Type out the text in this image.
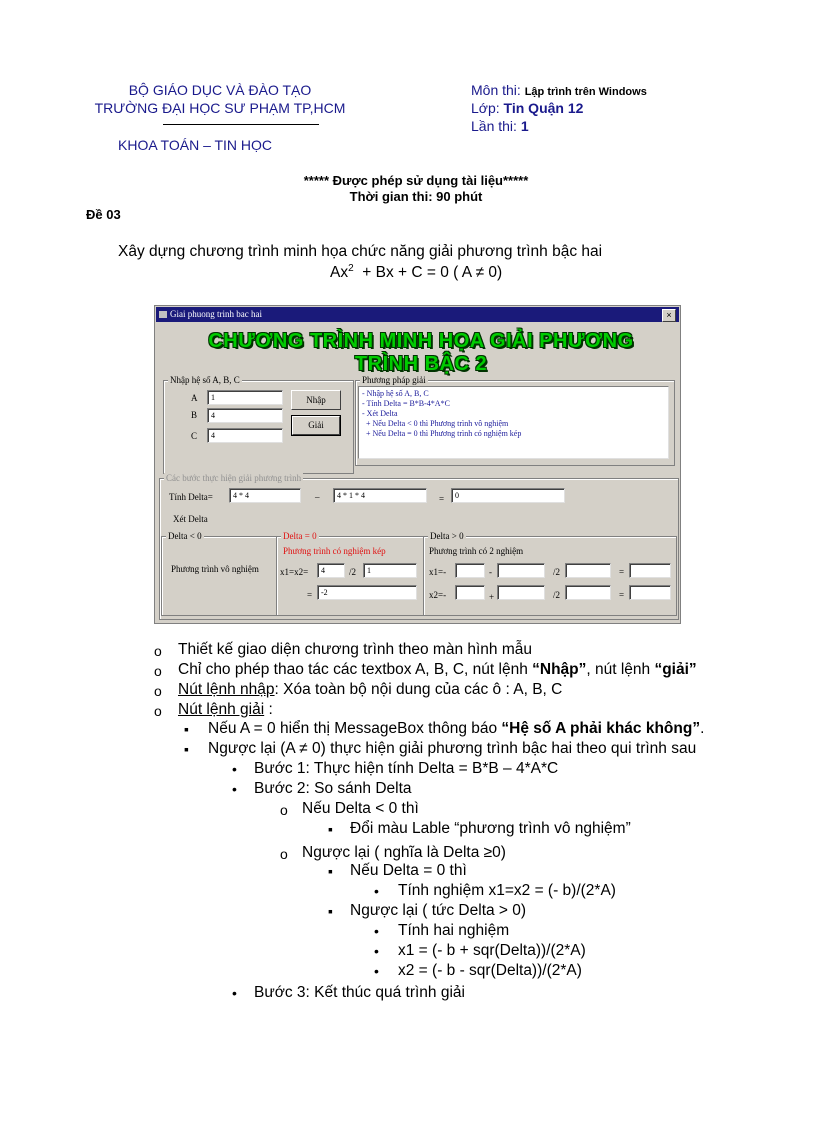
BỘ GIÁO DỤC VÀ ĐÀO TẠO
TRƯỜNG ĐẠI HỌC SƯ PHẠM TP,HCM
KHOA TOÁN – TIN HỌC
Môn thi: Lập trình trên Windows
Lớp: Tin Quận 12
Lần thi: 1
***** Được phép sử dụng tài liệu*****
Thời gian thi: 90 phút
Đề 03
Xây dựng chương trình minh họa chức năng giải phương trình bậc hai
Ax$^2$  + Bx + C = 0 ( A ≠ 0)
Giai phuong trinh bac hai	×
CHƯƠNG TRÌNH MINH HỌA GIẢI PHƯƠNG TRÌNH BẬC 2
Nhập hệ số A, B, C
A	1
B	4
C	4
Nhập
Giải
Phương pháp giải
- Nhập hệ số A, B, C
- Tính Delta = B*B-4*A*C
- Xét Delta
+ Nếu Delta < 0 thì Phương trình vô nghiệm
+ Nếu Delta = 0 thì Phương trình có nghiệm kép
Các bước thực hiện giải phương trình
Tính Delta=	4 * 4	–	4 * 1 * 4	=	0
Xét Delta
Delta < 0
Phương trình vô nghiệm
Delta = 0
Phương trình có nghiệm kép
x1=x2=	4	/2	1
=	-2
Delta > 0
Phương trình có 2 nghiệm
x1=-	-	/2	=
x2=-	+	/2	=
o Thiết kế giao diện chương trình theo màn hình mẫu
o Chỉ cho phép thao tác các textbox A, B, C, nút lệnh “Nhập”, nút lệnh “giải”
o Nút lệnh nhập: Xóa toàn bộ nội dung của các ô : A, B, C
o Nút lệnh giải :
▪ Nếu A = 0 hiển thị MessageBox thông báo “Hệ số A phải khác không”.
▪ Ngược lại (A ≠ 0) thực hiện giải phương trình bậc hai theo qui trình sau
• Bước 1: Thực hiện tính Delta = B*B – 4*A*C
• Bước 2: So sánh Delta
o Nếu Delta < 0 thì
▪ Đổi màu Lable “phương trình vô nghiệm”
o Ngược lại ( nghĩa là Delta ≥0)
▪ Nếu Delta = 0 thì
• Tính nghiệm x1=x2 = (- b)/(2*A)
▪ Ngược lại ( tức Delta > 0)
• Tính hai nghiệm
• x1 = (- b + sqr(Delta))/(2*A)
• x2 = (- b - sqr(Delta))/(2*A)
• Bước 3: Kết thúc quá trình giải
